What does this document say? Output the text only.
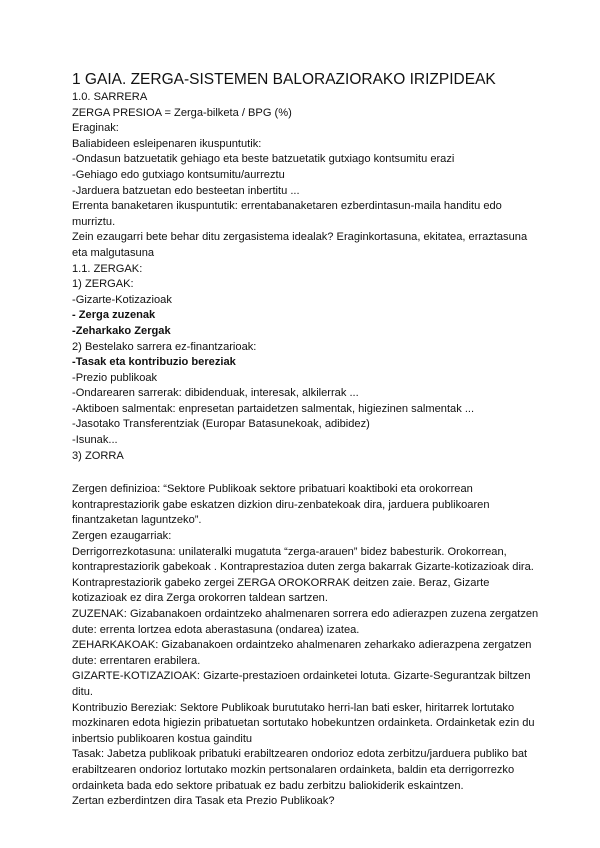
1 GAIA. ZERGA-SISTEMEN BALORAZIORAKO IRIZPIDEAK

1.0. SARRERA

ZERGA PRESIOA = Zerga-bilketa / BPG (%)

Eraginak:

Baliabideen esleipenaren ikuspuntutik:

-Ondasun batzuetatik gehiago eta beste batzuetatik gutxiago kontsumitu erazi

-Gehiago edo gutxiago kontsumitu/aurreztu

-Jarduera batzuetan edo besteetan inbertitu ...

Errenta banaketaren ikuspuntutik: errentabanaketaren ezberdintasun-maila handitu edo murriztu.

Zein ezaugarri bete behar ditu zergasistema idealak? Eraginkortasuna, ekitatea, erraztasuna eta malgutasuna

1.1. ZERGAK:

1) ZERGAK:

-Gizarte-Kotizazioak

- Zerga zuzenak

-Zeharkako Zergak

2) Bestelako sarrera ez-finantzarioak:

-Tasak eta kontribuzio bereziak

-Prezio publikoak

-Ondarearen sarrerak: dibidenduak, interesak, alkilerrak ...

-Aktiboen salmentak: enpresetan partaidetzen salmentak, higiezinen salmentak ...

-Jasotako Transferentziak (Europar Batasunekoak, adibidez)

-Isunak...

3) ZORRA

Zergen definizioa: “Sektore Publikoak sektore pribatuari koaktiboki eta orokorrean kontraprestaziorik gabe eskatzen dizkion diru-zenbatekoak dira, jarduera publikoaren finantzaketan laguntzeko”.

Zergen ezaugarriak:

Derrigorrezkotasuna: unilateralki mugatuta “zerga-arauen” bidez babesturik. Orokorrean, kontraprestaziorik gabekoak . Kontraprestazioa duten zerga bakarrak Gizarte-kotizazioak dira. Kontraprestaziorik gabeko zergei ZERGA OROKORRAK deitzen zaie. Beraz, Gizarte kotizazioak ez dira Zerga orokorren taldean sartzen.

ZUZENAK: Gizabanakoen ordaintzeko ahalmenaren sorrera edo adierazpen zuzena zergatzen dute: errenta lortzea edota aberastasuna (ondarea) izatea.

ZEHARKAKOAK: Gizabanakoen ordaintzeko ahalmenaren zeharkako adierazpena zergatzen dute: errentaren erabilera.

GIZARTE-KOTIZAZIOAK: Gizarte-prestazioen ordainketei lotuta. Gizarte-Segurantzak biltzen ditu.

Kontribuzio Bereziak: Sektore Publikoak burututako herri-lan bati esker, hiritarrek lortutako mozkinaren edota higiezin pribatuetan sortutako hobekuntzen ordainketa. Ordainketak ezin du inbertsio publikoaren kostua gainditu

Tasak: Jabetza publikoak pribatuki erabiltzearen ondorioz edota zerbitzu/jarduera publiko bat erabiltzearen ondorioz lortutako mozkin pertsonalaren ordainketa, baldin eta derrigorrezko ordainketa bada edo sektore pribatuak ez badu zerbitzu baliokiderik eskaintzen.

Zertan ezberdintzen dira Tasak eta Prezio Publikoak?
